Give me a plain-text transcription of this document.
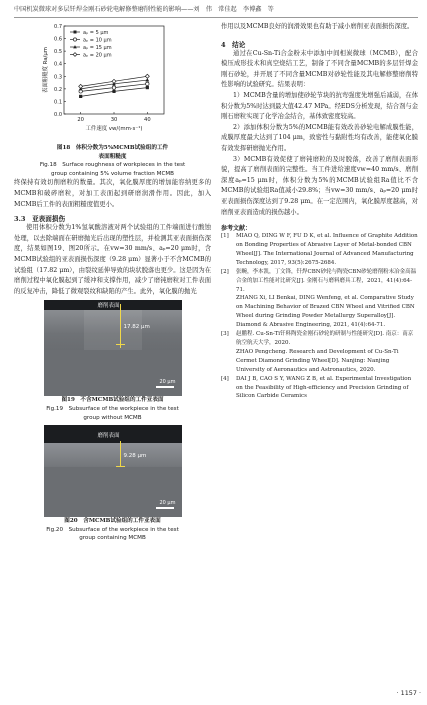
中国机炭微球对多层钎焊金刚石砂轮电解修整磨削性能的影响——刘　伟　常佳起　李博鑫　等
0.7
0.6
0.5
0.4
0.3
0.2
0.1
0.0
20	30	40
工件速度 vw/(mm·s⁻¹)
表面粗糙度 Ra/μm
aₚ = 5 μm
aₚ = 10 μm
aₚ = 15 μm
aₚ = 20 μm

图18　体积分数为5%MCMB试验组的工件

表面粗糙度

Fig.18　Surface roughness of workpieces in the test

group containing 5% volume fraction MCMB

终保持有效切削磨粒的数量。其次，氧化膜厚度的增加能容纳更多的MCMB和破碎磨粒，对加工表面起到研磨润滑作用。因此，加入MCMB后工件的表面粗糙度值更小。

3.3　亚表面损伤

使用体积分数为1%氢氧酸溶液对两个试验组的工件端面进行酸蚀处理，以去除端面在研磨抛光后出现的塑性层，并检测其亚表面损伤深度，结果如图19、图20所示。在vw=30 mm/s、aₚ=20 μm时，含MCMB试验组的亚表面损伤深度（9.28 μm）显著小于不含MCMB的试验组（17.82 μm），由裂纹延伸导致的块状脱落也更少。这是因为在磨削过程中氧化膜起到了缓冲和支撑作用，减少了磨钝磨粒对工件表面的反复冲击，降低了微观裂纹和缺陷的产生。此外，氧化膜的抛光

磨削表面
17.82 μm
20 μm

图19　不含MCMB试验组的工件亚表面

Fig.19　Subsurface of the workpiece in the test

group without MCMB

磨削表面
9.28 μm
20 μm

图20　含MCMB试验组的工件亚表面

Fig.20　Subsurface of the workpiece in the test

group containing MCMB

作用以及MCMB良好的润滑效果也有助于减小磨削亚表面损伤深度。

4　结论

通过在Cu-Sn-Ti合金粉末中添加中间相炭微球（MCMB），配合模压成形技术和真空烧结工艺，制备了不同含量MCMB的多层钎焊金刚石砂轮，并开展了不同含量MCMB对砂轮性能及其电解修整磨削特性影响的试验研究。结果表明：

1）MCMB含量的增加使砂轮节块的抗弯强度先增强后减弱，在体积分数为5%时达到最大值42.47 MPa。经EDS分析发现，结合剂与金刚石磨粒实现了化学冶金结合，基体致密度较高。

2）添加体积分数为5%的MCMB能有效改善砂轮电解成膜性能，成膜厚度最大达到了104 μm，致密性与黏附性均有改善，能使氧化膜有效发挥研磨抛光作用。

3）MCMB有效促使了磨钝磨粒的及时脱落，改善了磨削表面形貌，提高了磨削表面的完整性。当工件进给速度vw=40 mm/s、磨削深度aₚ=15 μm时，体积分数为5%的MCMB试验组Ra值比不含MCMB的试验组Ra值减小29.8%；当vw=30 mm/s、aₚ=20 μm时亚表面损伤深度达到了9.28 μm。在一定范围内，氧化膜厚度越高，对磨削亚表面造成的损伤越小。

参考文献：

[1]	MIAO Q, DING W F, FU D K, et al. Influence of Graphite Addition on Bonding Properties of Abrasive Layer of Metal-bonded CBN Wheel[J]. The International Journal of Advanced Manufacturing Technology, 2017, 93(5):2675-2684.
[2]	张畹，李本凯，丁文锋，钎焊CBN砂轮与陶瓷CBN砂轮磨削粉末冶金高温合金的加工性能对比研究[J]. 金刚石与磨料磨具工程，2021，41(4):64-71.
ZHANG Xi, LI Benkai, DING Wenfeng, et al. Comparative Study on Machining Behavior of Brazed CBN Wheel and Vitrified CBN Wheel during Grinding Powder Metallurgy Superalloy[J]. Diamond & Abrasive Engineering, 2021, 41(4):64-71.
[3]	赵鹏程. Cu-Sn-Ti钎料陶瓷金刚石砂轮的研制与性能研究[D]. 南京：南京航空航天大学，2020.
ZHAO Pengcheng. Research and Development of Cu-Sn-Ti Cermet Diamond Grinding Wheel[D]. Nanjing: Nanjing University of Aeronautics and Astronautics, 2020.
[4]	DAI J B, CAO S Y, WANG Z B, et al. Experimental Investigation on the Feasibility of High-efficiency and Precision Grinding of Silicon Carbide Ceramics
· 1157 ·
